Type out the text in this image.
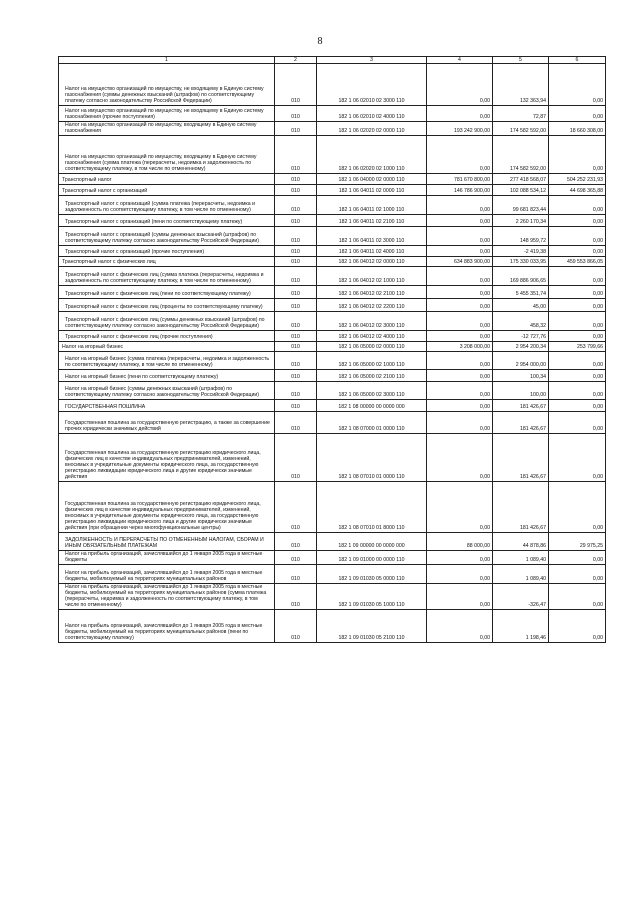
8
1	2	3	4	5	6

Налог на имущество организаций по имуществу, не входящему в Единую систему газоснабжения (суммы денежных взысканий (штрафов) по соответствующему платежу согласно законодательству Российской Федерации)	010	182 1 06 02010 02 3000 110	0,00	132 363,94	0,00

Налог на имущество организаций по имуществу, не входящему в Единую систему газоснабжения (прочие поступления)	010	182 1 06 02010 02 4000 110	0,00	72,87	0,00

Налог на имущество организаций по имуществу, входящему в Единую систему газоснабжения	010	182 1 06 02020 02 0000 110	193 242 900,00	174 582 592,00	18 660 308,00

Налог на имущество организаций по имуществу, входящему в Единую систему газоснабжения (сумма платежа (перерасчеты, недоимка и задолженность по соответствующему платежу, в том числе по отмененному)	010	182 1 06 02020 02 1000 110	0,00	174 582 592,00	0,00

Транспортный налог	010	182 1 06 04000 02 0000 110	781 670 800,00	277 418 568,07	504 252 231,93

Транспортный налог с организаций	010	182 1 06 04011 02 0000 110	146 786 900,00	102 088 534,12	44 698 365,88

Транспортный налог с организаций (сумма платежа (перерасчеты, недоимка и задолженность по соответствующему платежу, в том числе по отмененному)	010	182 1 06 04011 02 1000 110	0,00	99 681 823,44	0,00

Транспортный налог с организаций (пени по соответствующему платежу)	010	182 1 06 04011 02 2100 110	0,00	2 260 170,34	0,00

Транспортный налог с организаций (суммы денежных взысканий (штрафов) по соответствующему платежу согласно законодательству Российской Федерации)	010	182 1 06 04011 02 3000 110	0,00	148 959,72	0,00

Транспортный налог с организаций (прочие поступления)	010	182 1 06 04011 02 4000 110	0,00	-2 419,38	0,00

Транспортный налог с физических лиц	010	182 1 06 04012 02 0000 110	634 883 900,00	175 330 033,95	459 553 866,05

Транспортный налог с физических лиц (сумма платежа (перерасчеты, недоимка и задолженность по соответствующему платежу, в том числе по отмененному)	010	182 1 06 04012 02 1000 110	0,00	169 886 906,65	0,00

Транспортный налог с физических лиц (пени по соответствующему платежу)	010	182 1 06 04012 02 2100 110	0,00	5 455 351,74	0,00

Транспортный налог с физических лиц (проценты по соответствующему платежу)	010	182 1 06 04012 02 2200 110	0,00	45,00	0,00

Транспортный налог с физических лиц (суммы денежных взысканий (штрафов) по соответствующему платежу согласно законодательству Российской Федерации)	010	182 1 06 04012 02 3000 110	0,00	458,32	0,00

Транспортный налог с физических лиц (прочие поступления)	010	182 1 06 04012 02 4000 110	0,00	-12 727,76	0,00

Налог на игорный бизнес	010	182 1 06 05000 02 0000 110	3 208 000,00	2 954 200,34	253 799,66

Налог на игорный бизнес (сумма платежа (перерасчеты, недоимка и задолженность по соответствующему платежу, в том числе по отмененному)	010	182 1 06 05000 02 1000 110	0,00	2 954 000,00	0,00

Налог на игорный бизнес (пени по соответствующему платежу)	010	182 1 06 05000 02 2100 110	0,00	100,34	0,00

Налог на игорный бизнес (суммы денежных взысканий (штрафов) по соответствующему платежу согласно законодательству Российской Федерации)	010	182 1 06 05000 02 3000 110	0,00	100,00	0,00

ГОСУДАРСТВЕННАЯ ПОШЛИНА	010	182 1 08 00000 00 0000 000	0,00	181 426,67	0,00

Государственная пошлина за государственную регистрацию, а также за совершение прочих юридически значимых действий	010	182 1 08 07000 01 0000 110	0,00	181 426,67	0,00

Государственная пошлина за государственную регистрацию юридического лица, физических лиц в качестве индивидуальных предпринимателей, изменений, вносимых в учредительные документы юридического лица, за государственную регистрацию ликвидации юридического лица и другие юридически значимые действия	010	182 1 08 07010 01 0000 110	0,00	181 426,67	0,00

Государственная пошлина за государственную регистрацию юридического лица, физических лиц в качестве индивидуальных предпринимателей, изменений, вносимых в учредительные документы юридического лица, за государственную регистрацию ликвидации юридического лица и другие юридически значимые действия (при обращении через многофункциональные центры)	010	182 1 08 07010 01 8000 110	0,00	181 426,67	0,00

ЗАДОЛЖЕННОСТЬ И ПЕРЕРАСЧЕТЫ ПО ОТМЕНЕННЫМ НАЛОГАМ, СБОРАМ И ИНЫМ ОБЯЗАТЕЛЬНЫМ ПЛАТЕЖАМ	010	182 1 09 00000 00 0000 000	88 000,00	44 878,86	29 975,25

Налог на прибыль организаций, зачислявшийся до 1 января 2005 года в местные бюджеты	010	182 1 09 01000 00 0000 110	0,00	1 089,40	0,00

Налог на прибыль организаций, зачислявшийся до 1 января 2005 года в местные бюджеты, мобилизуемый на территориях муниципальных районов	010	182 1 09 01030 05 0000 110	0,00	1 089,40	0,00

Налог на прибыль организаций, зачислявшийся до 1 января 2005 года в местные бюджеты, мобилизуемый на территориях муниципальных районов (сумма платежа (перерасчеты, недоимка и задолженность по соответствующему платежу, в том числе по отмененному)	010	182 1 09 01030 05 1000 110	0,00	-326,47	0,00

Налог на прибыль организаций, зачислявшийся до 1 января 2005 года в местные бюджеты, мобилизуемый на территориях муниципальных районов (пени по соответствующему платежу)	010	182 1 09 01030 05 2100 110	0,00	1 198,46	0,00
